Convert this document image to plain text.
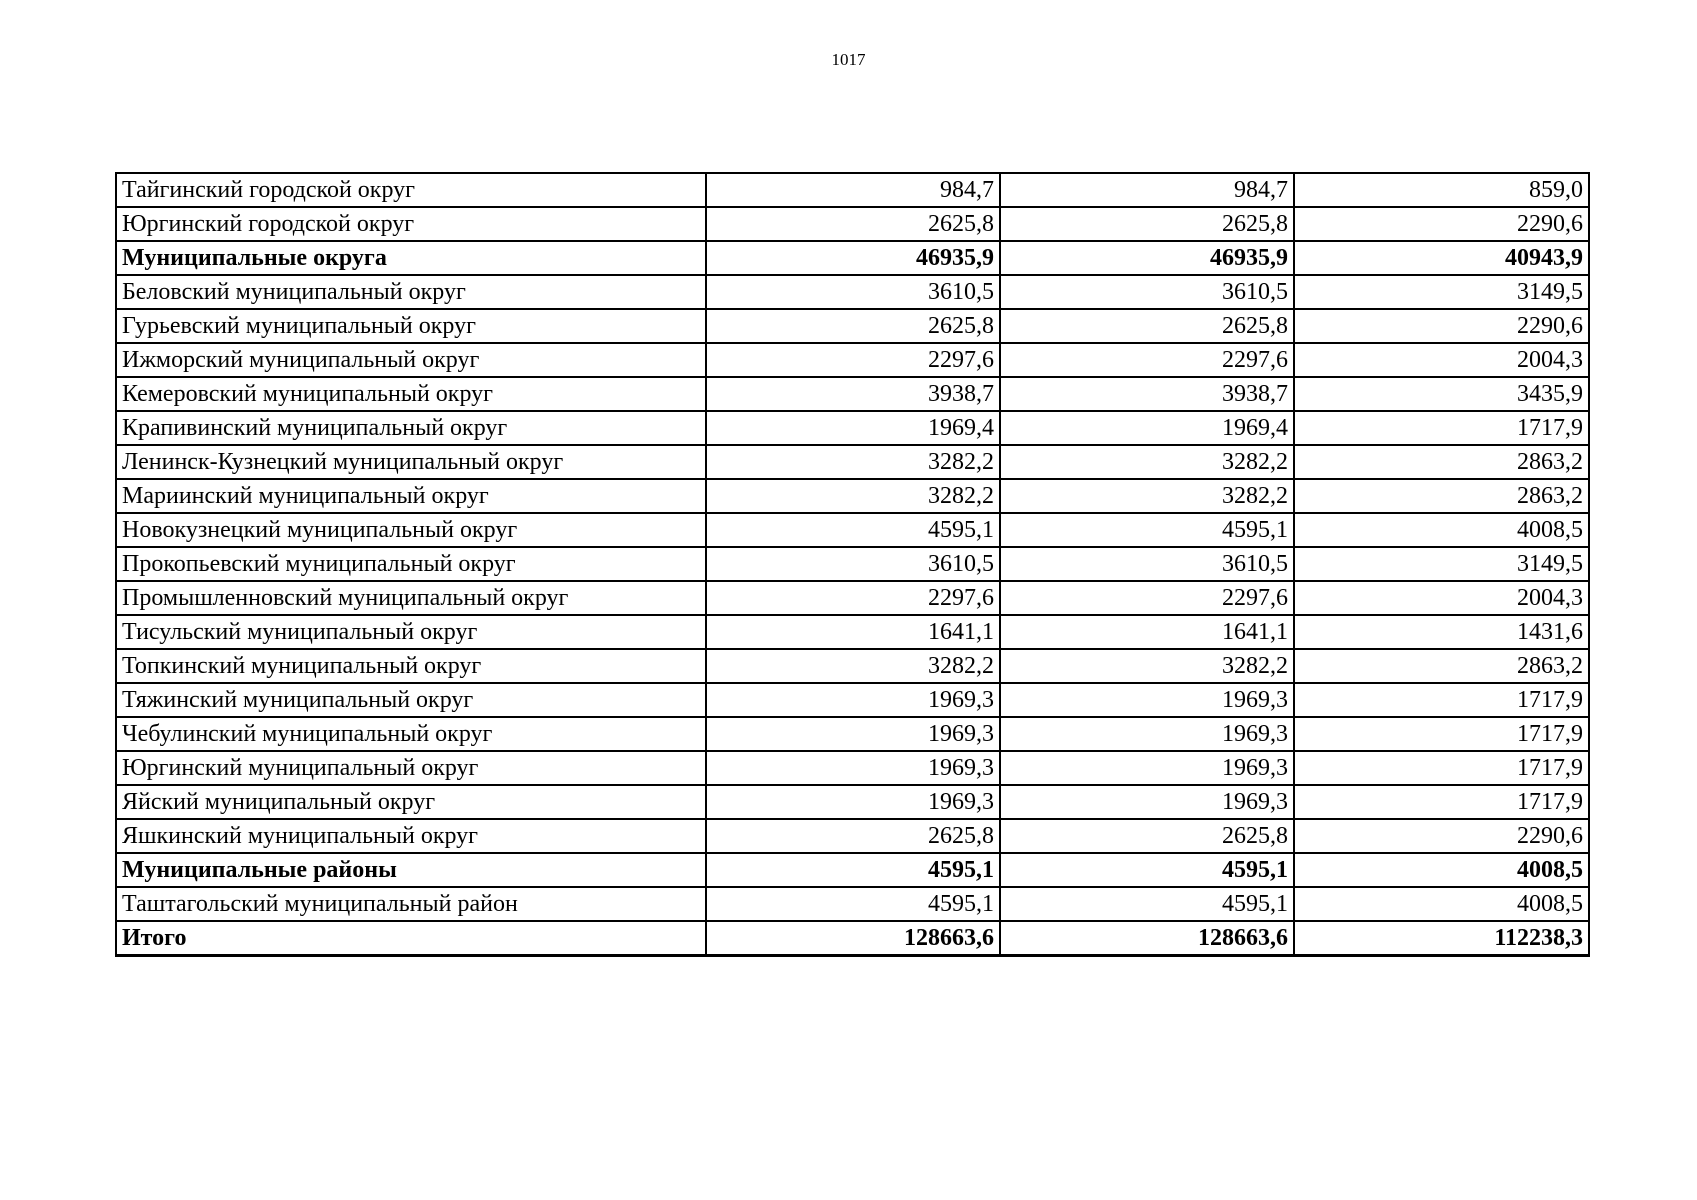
1017
Тайгинский городской округ	984,7	984,7	859,0
Юргинский городской округ	2625,8	2625,8	2290,6
Муниципальные округа	46935,9	46935,9	40943,9
Беловский муниципальный округ	3610,5	3610,5	3149,5
Гурьевский муниципальный округ	2625,8	2625,8	2290,6
Ижморский муниципальный округ	2297,6	2297,6	2004,3
Кемеровский муниципальный округ	3938,7	3938,7	3435,9
Крапивинский муниципальный округ	1969,4	1969,4	1717,9
Ленинск-Кузнецкий муниципальный округ	3282,2	3282,2	2863,2
Мариинский муниципальный округ	3282,2	3282,2	2863,2
Новокузнецкий муниципальный округ	4595,1	4595,1	4008,5
Прокопьевский муниципальный округ	3610,5	3610,5	3149,5
Промышленновский муниципальный округ	2297,6	2297,6	2004,3
Тисульский муниципальный округ	1641,1	1641,1	1431,6
Топкинский муниципальный округ	3282,2	3282,2	2863,2
Тяжинский муниципальный округ	1969,3	1969,3	1717,9
Чебулинский муниципальный округ	1969,3	1969,3	1717,9
Юргинский муниципальный округ	1969,3	1969,3	1717,9
Яйский муниципальный округ	1969,3	1969,3	1717,9
Яшкинский муниципальный округ	2625,8	2625,8	2290,6
Муниципальные районы	4595,1	4595,1	4008,5
Таштагольский муниципальный район	4595,1	4595,1	4008,5
Итого	128663,6	128663,6	112238,3
